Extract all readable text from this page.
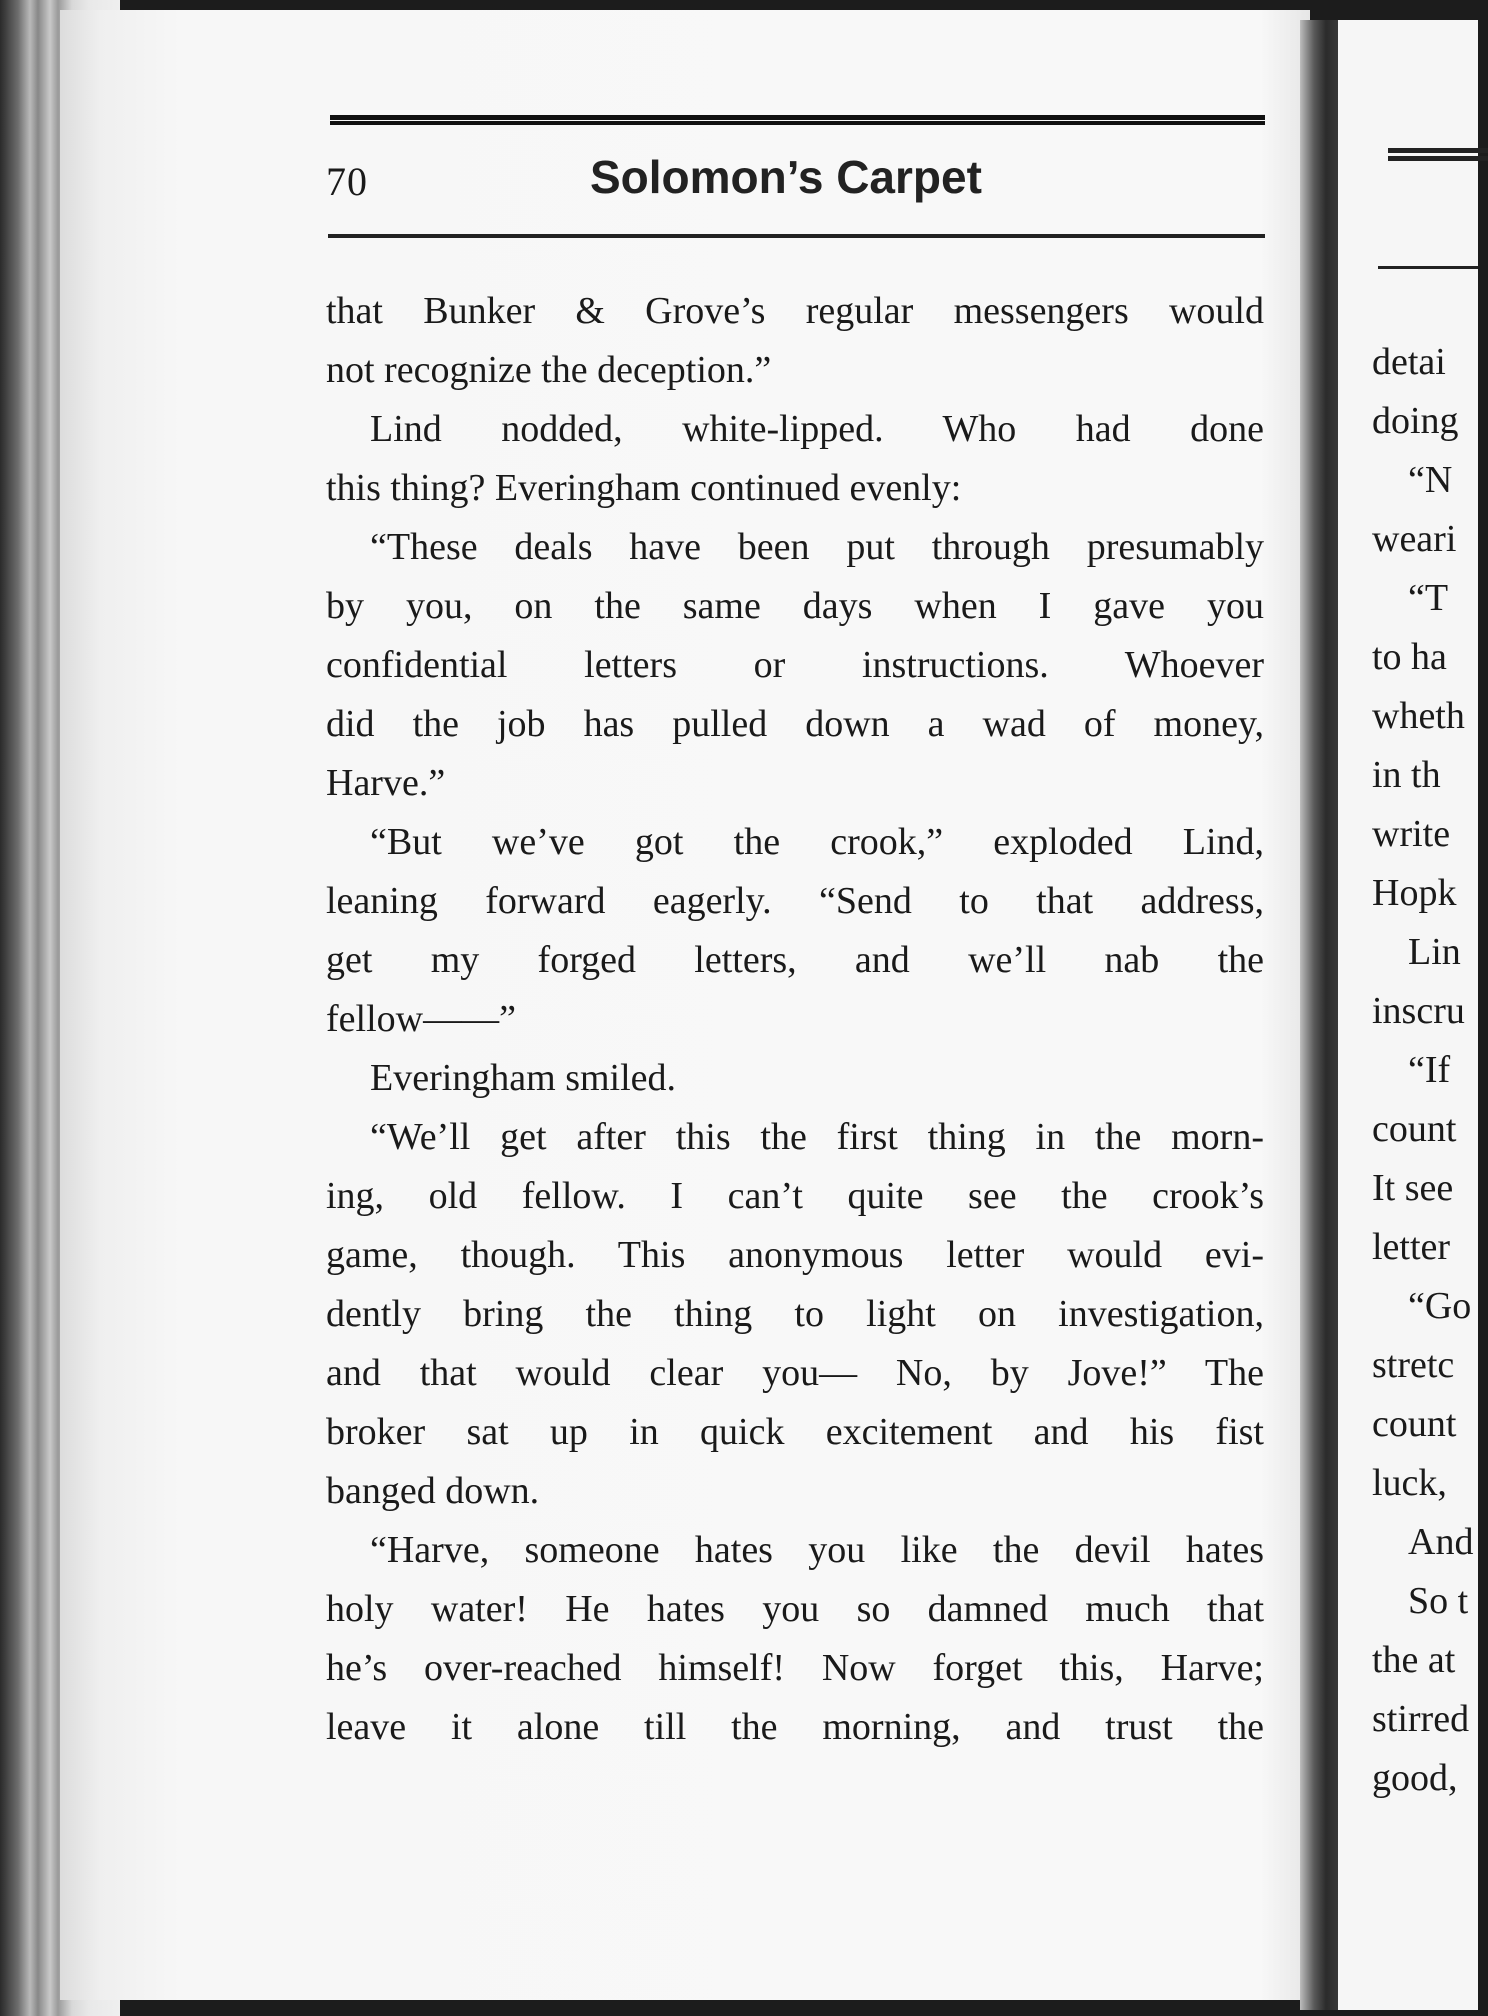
70	Solomon’s Carpet
that Bunker & Grove’s regular messengers would
not recognize the deception.”
Lind nodded, white-lipped. Who had done
this thing? Everingham continued evenly:
“These deals have been put through presumably
by you, on the same days when I gave you
confidential letters or instructions. Whoever
did the job has pulled down a wad of money,
Harve.”
“But we’ve got the crook,” exploded Lind,
leaning forward eagerly. “Send to that address,
get my forged letters, and we’ll nab the
fellow——”
Everingham smiled.
“We’ll get after this the first thing in the morn-
ing, old fellow. I can’t quite see the crook’s
game, though. This anonymous letter would evi-
dently bring the thing to light on investigation,
and that would clear you— No, by Jove!” The
broker sat up in quick excitement and his fist
banged down.
“Harve, someone hates you like the devil hates
holy water! He hates you so damned much that
he’s over-reached himself! Now forget this, Harve;
leave it alone till the morning, and trust the
detai
doing
“N
weari
“T
to ha
wheth
in th
write
Hopk
Lin
inscru
“If
count
It see
letter
“Go
stretc
count
luck,
And
So t
the at
stirred
good,
